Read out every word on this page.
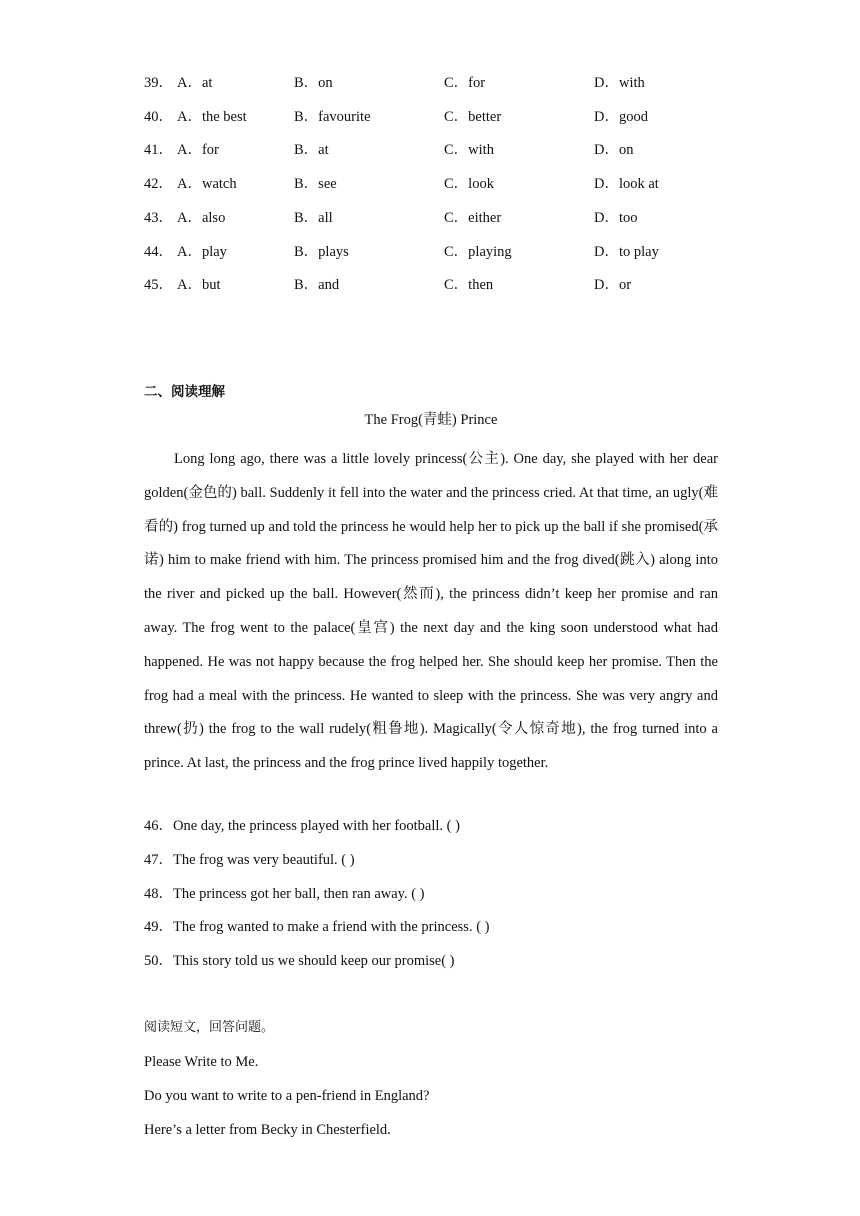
39． A．at	B．on	C．for	D．with
40． A．the best	B．favourite	C．better	D．good
41． A．for	B．at	C．with	D．on
42． A．watch	B．see	C．look	D．look at
43． A．also	B．all	C．either	D．too
44． A．play	B．plays	C．playing	D．to play
45． A．but	B．and	C．then	D．or
二、阅读理解
The Frog(青蛙) Prince

Long long ago, there was a little lovely princess(公主). One day, she played with her dear golden(金色的) ball. Suddenly it fell into the water and the princess cried. At that time, an ugly(难看的) frog turned up and told the princess he would help her to pick up the ball if she promised(承诺) him to make friend with him. The princess promised him and the frog dived(跳入) along into the river and picked up the ball. However(然而), the princess didn’t keep her promise and ran away. The frog went to the palace(皇宫) the next day and the king soon understood what had happened. He was not happy because the frog helped her. She should keep her promise. Then the frog had a meal with the princess. He wanted to sleep with the princess. She was very angry and threw(扔) the frog to the wall rudely(粗鲁地). Magically(令人惊奇地), the frog turned into a prince. At last, the princess and the frog prince lived happily together.

46．One day, the princess played with her football. ( )
47．The frog was very beautiful. ( )
48．The princess got her ball, then ran away. ( )
49．The frog wanted to make a friend with the princess. ( )
50．This story told us we should keep our promise( )
阅读短文，回答问题。
Please Write to Me.
Do you want to write to a pen-friend in England?
Here’s a letter from Becky in Chesterfield.
